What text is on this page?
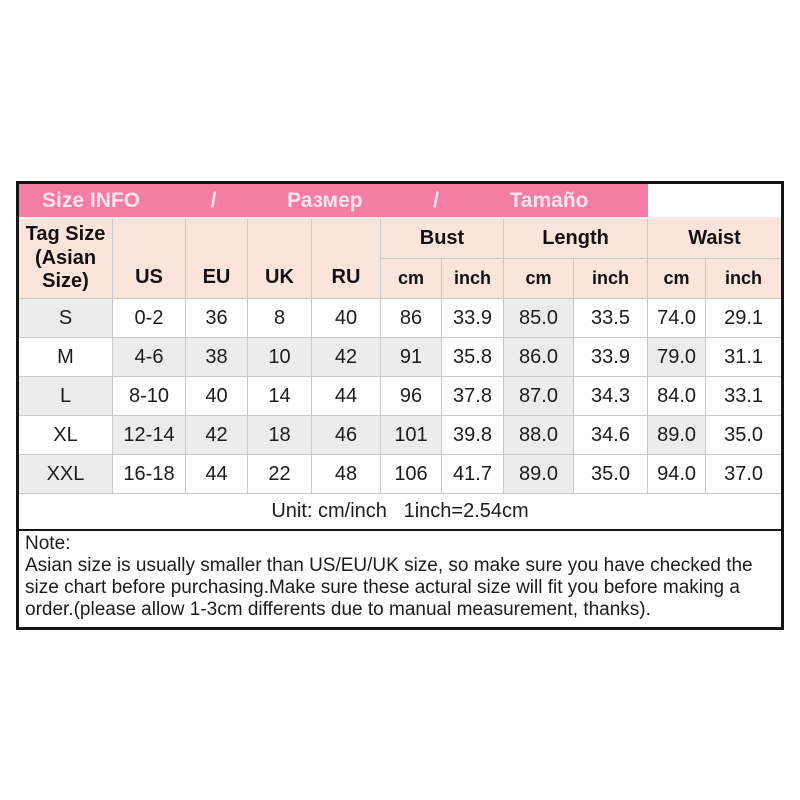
Size INFO / Размер / Tamaño										

Tag Size
(Asian
Size)	US	EU	UK	RU	Bust		Length		Waist	
					cm	inch	cm	inch	cm	inch
S	0-2	36	8	40	86	33.9	85.0	33.5	74.0	29.1
M	4-6	38	10	42	91	35.8	86.0	33.9	79.0	31.1
L	8-10	40	14	44	96	37.8	87.0	34.3	84.0	33.1
XL	12-14	42	18	46	101	39.8	88.0	34.6	89.0	35.0
XXL	16-18	44	22	48	106	41.7	89.0	35.0	94.0	37.0
Unit: cm/inch   1inch=2.54cm										

Note:
Asian size is usually smaller than US/EU/UK size, so make sure you have checked the size chart before purchasing.Make sure these actural size will fit you before making a order.(please allow 1-3cm differents due to manual measurement, thanks).										
